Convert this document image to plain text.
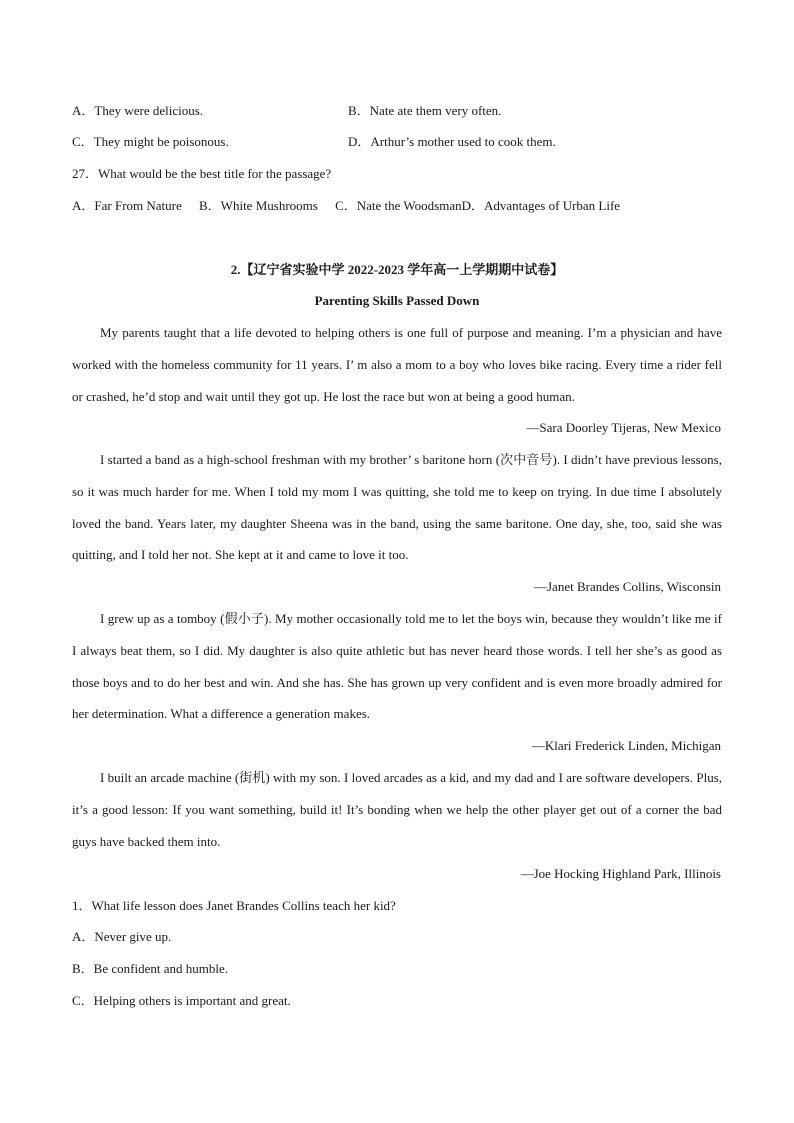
A．They were delicious.	B．Nate ate them very often.
C．They might be poisonous.	D．Arthur’s mother used to cook them.
27．What would be the best title for the passage?
A．Far From Nature B．White Mushrooms C．Nate the WoodsmanD．Advantages of Urban Life
2.【辽宁省实验中学 2022-2023 学年高一上学期期中试卷】
Parenting Skills Passed Down

My parents taught that a life devoted to helping others is one full of purpose and meaning. I’m a physician and have worked with the homeless community for 11 years. I’ m also a mom to a boy who loves bike racing. Every time a rider fell or crashed, he’d stop and wait until they got up. He lost the race but won at being a good human.

—Sara Doorley Tijeras, New Mexico

I started a band as a high-school freshman with my brother’ s baritone horn (次中音号). I didn’t have previous lessons, so it was much harder for me. When I told my mom I was quitting, she told me to keep on trying. In due time I absolutely loved the band. Years later, my daughter Sheena was in the band, using the same baritone. One day, she, too, said she was quitting, and I told her not. She kept at it and came to love it too.

—Janet Brandes Collins, Wisconsin

I grew up as a tomboy (假小子). My mother occasionally told me to let the boys win, because they wouldn’t like me if I always beat them, so I did. My daughter is also quite athletic but has never heard those words. I tell her she’s as good as those boys and to do her best and win. And she has. She has grown up very confident and is even more broadly admired for her determination. What a difference a generation makes.

—Klari Frederick Linden, Michigan

I built an arcade machine (街机) with my son. I loved arcades as a kid, and my dad and I are software developers. Plus, it’s a good lesson: If you want something, build it! It’s bonding when we help the other player get out of a corner the bad guys have backed them into.

—Joe Hocking Highland Park, Illinois
1．What life lesson does Janet Brandes Collins teach her kid?
A．Never give up.
B．Be confident and humble.
C．Helping others is important and great.
